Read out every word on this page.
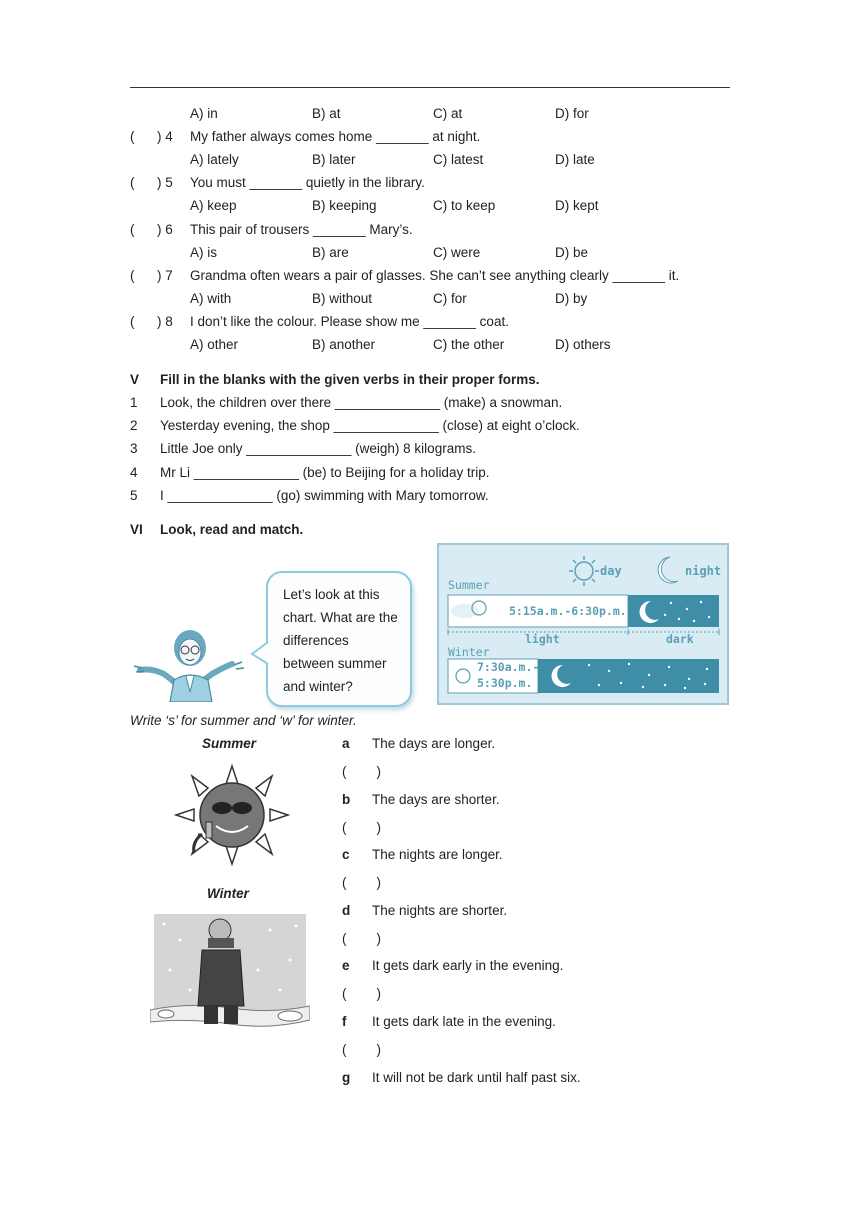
A) in	B) at	C) at	D) for
( ) 4 My father always comes home _______ at night.
A) lately	B) later	C) latest	D) late
( ) 5 You must _______ quietly in the library.
A) keep	B) keeping	C) to keep	D) kept
( ) 6 This pair of trousers _______ Mary’s.
A) is	B) are	C) were	D) be
( ) 7 Grandma often wears a pair of glasses. She can’t see anything clearly _______ it.
A) with	B) without	C) for	D) by
( ) 8 I don’t like the colour. Please show me _______ coat.
A) other	B) another	C) the other	D) others
V Fill in the blanks with the given verbs in their proper forms.
1 Look, the children over there ______________ (make) a snowman.
2 Yesterday evening, the shop ______________ (close) at eight o’clock.
3 Little Joe only ______________ (weigh) 8 kilograms.
4 Mr Li ______________ (be) to Beijing for a holiday trip.
5 I ______________ (go) swimming with Mary tomorrow.
VI Look, read and match.
Let’s look at this chart. What are the differences between summer and winter?
day	night
Summer
5:15a.m.-6:30p.m.
light	dark
Winter
7:30a.m.-
5:30p.m.
Write ‘s’ for summer and ‘w’ for winter.
Summer
Winter
a The days are longer.
(        )
b The days are shorter.
(        )
c The nights are longer.
(        )
d The nights are shorter.
(        )
e It gets dark early in the evening.
(        )
f It gets dark late in the evening.
(        )
g It will not be dark until half past six.
